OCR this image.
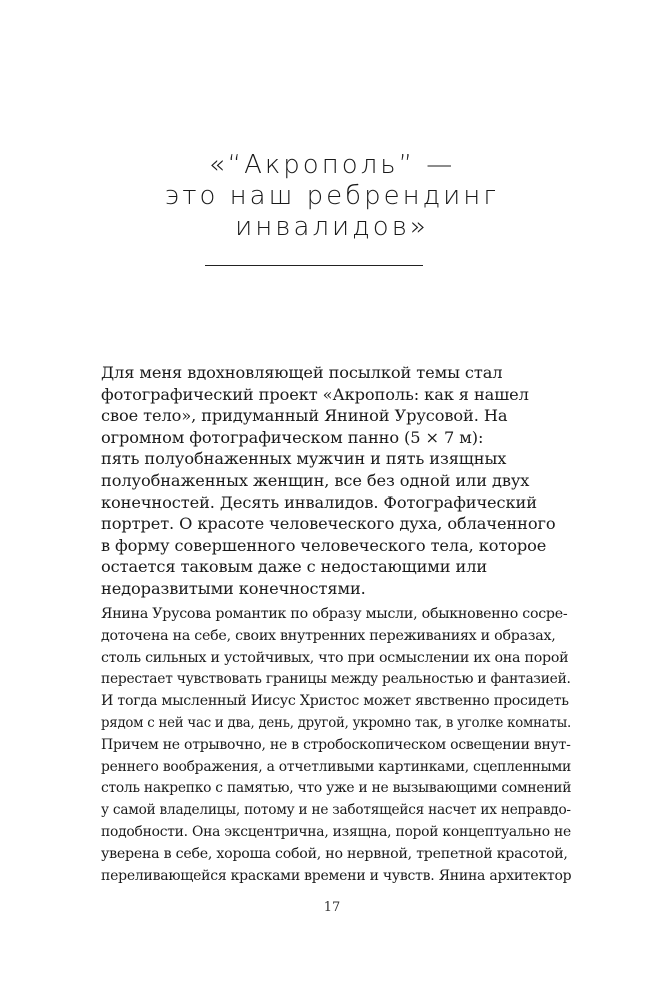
«“Акрополь” —
это наш ребрендинг
инвалидов»

Для меня вдохновляющей посылкой темы стал
фотографический проект «Акрополь: как я нашел
свое тело», придуманный Яниной Урусовой. На
огромном фотографическом панно (5 × 7 м):
пять полуобнаженных мужчин и пять изящных
полуобнаженных женщин, все без одной или двух
конечностей. Десять инвалидов. Фотографический
портрет. О красоте человеческого духа, облаченного
в форму совершенного человеческого тела, которое
остается таковым даже с недостающими или
недоразвитыми конечностями.

Янина Урусова романтик по образу мысли, обыкновенно сосре-
доточена на себе, своих внутренних переживаниях и образах,
столь сильных и устойчивых, что при осмыслении их она порой
перестает чувствовать границы между реальностью и фантазией.
И тогда мысленный Иисус Христос может явственно просидеть
рядом с ней час и два, день, другой, укромно так, в уголке комнаты.
Причем не отрывочно, не в стробоскопическом освещении внут-
реннего воображения, а отчетливыми картинками, сцепленными
столь накрепко с памятью, что уже и не вызывающими сомнений
у самой владелицы, потому и не заботящейся насчет их неправдо-
подобности. Она эксцентрична, изящна, порой концептуально не
уверена в себе, хороша собой, но нервной, трепетной красотой,
переливающейся красками времени и чувств. Янина архитектор

17
